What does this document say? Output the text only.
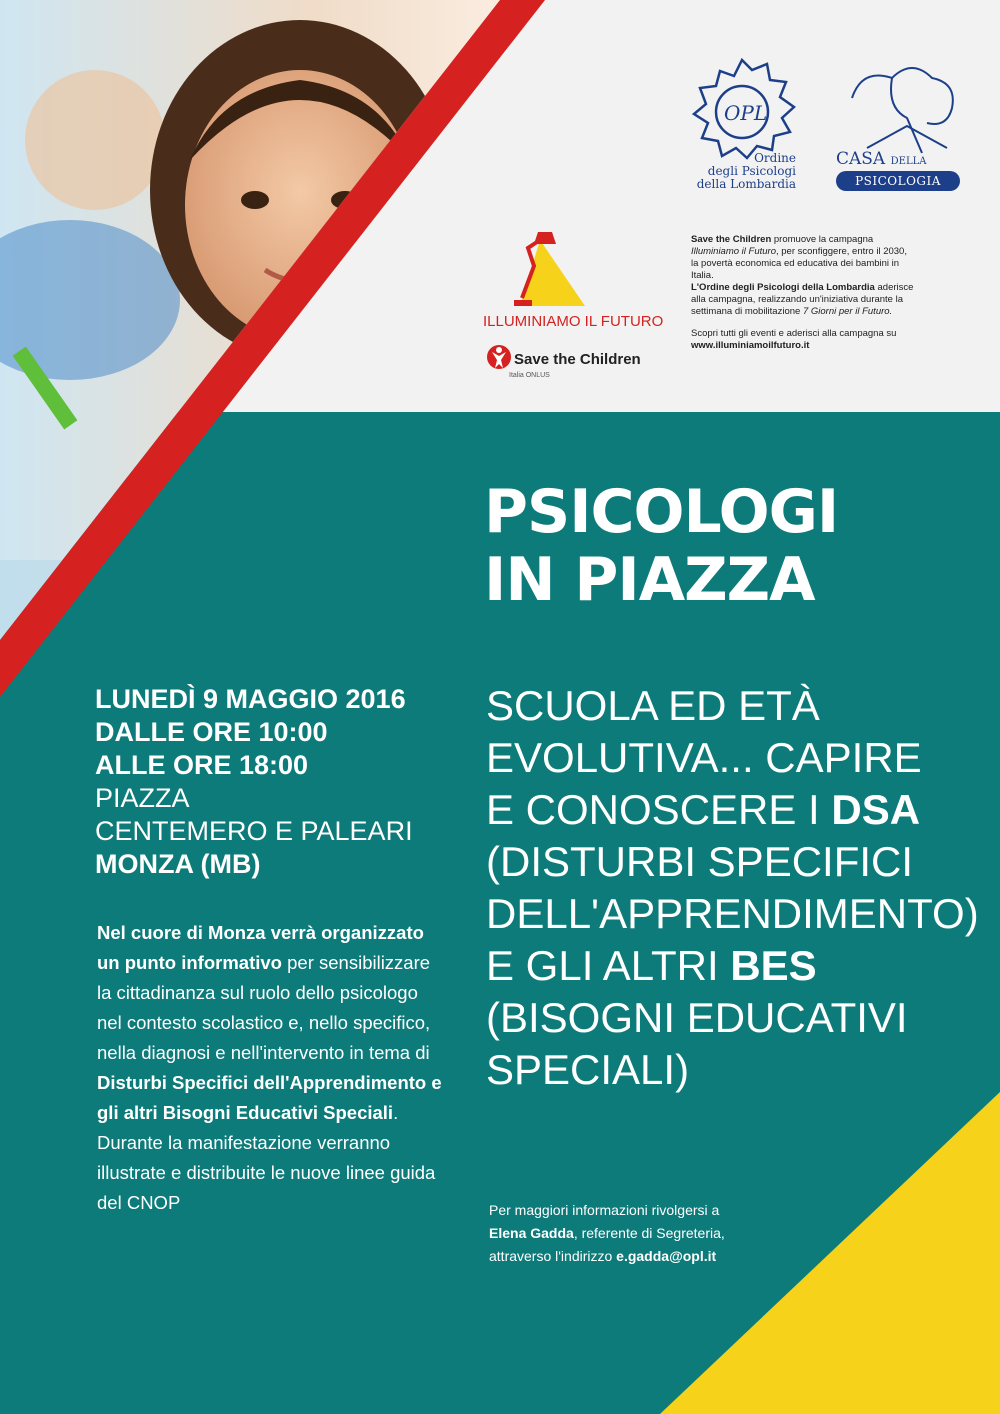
OPL
Ordine
degli Psicologi
della Lombardia
CASA DELLA
PSICOLOGIA
ILLUMINIAMO IL FUTURO
Save the Children
Italia ONLUS

Save the Children promuove la campagna Illuminiamo il Futuro, per sconfiggere, entro il 2030, la povertà economica ed educativa dei bambini in Italia.
L'Ordine degli Psicologi della Lombardia aderisce alla campagna, realizzando un'iniziativa durante la settimana di mobilitazione 7 Giorni per il Futuro.

Scopri tutti gli eventi e aderisci alla campagna su www.illuminiamoilfuturo.it

PSICOLOGI
IN PIAZZA
SCUOLA ED ETÀ
EVOLUTIVA... CAPIRE
E CONOSCERE I DSA
(DISTURBI SPECIFICI
DELL'APPRENDIMENTO)
E GLI ALTRI BES
(BISOGNI EDUCATIVI
SPECIALI)
LUNEDÌ 9 MAGGIO 2016
DALLE ORE 10:00
ALLE ORE 18:00
PIAZZA
CENTEMERO E PALEARI
MONZA (MB)
Nel cuore di Monza verrà organizzato un punto informativo per sensibilizzare la cittadinanza sul ruolo dello psicologo nel contesto scolastico e, nello specifico, nella diagnosi e nell'intervento in tema di Disturbi Specifici dell'Apprendimento e gli altri Bisogni Educativi Speciali. Durante la manifestazione verranno illustrate e distribuite le nuove linee guida del CNOP	Per maggiori informazioni rivolgersi a
Elena Gadda, referente di Segreteria,
attraverso l'indirizzo e.gadda@opl.it
